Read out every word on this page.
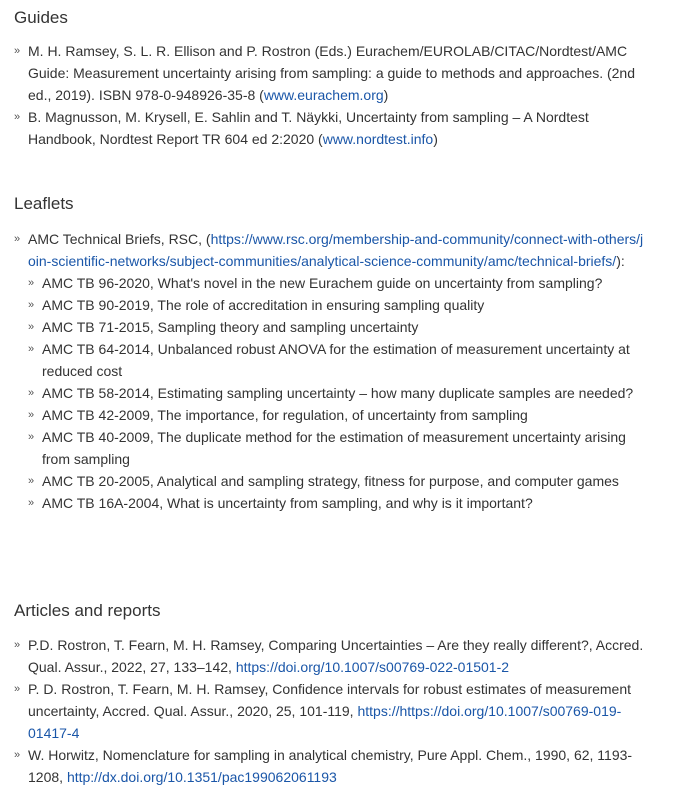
Guides
» M. H. Ramsey, S. L. R. Ellison and P. Rostron (Eds.) Eurachem/EUROLAB/CITAC/Nordtest/AMC Guide: Measurement uncertainty arising from sampling: a guide to methods and approaches. (2nd ed., 2019). ISBN 978-0-948926-35-8 (www.eurachem.org)
» B. Magnusson, M. Krysell, E. Sahlin and T. Näykki, Uncertainty from sampling – A Nordtest Handbook, Nordtest Report TR 604 ed 2:2020 (www.nordtest.info)
Leaflets
» AMC Technical Briefs, RSC, (https://www.rsc.org/membership-and-community/connect-with-others/join-scientific-networks/subject-communities/analytical-science-community/amc/technical-briefs/):
» AMC TB 96-2020, What's novel in the new Eurachem guide on uncertainty from sampling?
» AMC TB 90-2019, The role of accreditation in ensuring sampling quality
» AMC TB 71-2015, Sampling theory and sampling uncertainty
» AMC TB 64-2014, Unbalanced robust ANOVA for the estimation of measurement uncertainty at reduced cost
» AMC TB 58-2014, Estimating sampling uncertainty – how many duplicate samples are needed?
» AMC TB 42-2009, The importance, for regulation, of uncertainty from sampling
» AMC TB 40-2009, The duplicate method for the estimation of measurement uncertainty arising from sampling
» AMC TB 20-2005, Analytical and sampling strategy, fitness for purpose, and computer games
» AMC TB 16A-2004, What is uncertainty from sampling, and why is it important?
Articles and reports
» P.D. Rostron, T. Fearn, M. H. Ramsey, Comparing Uncertainties – Are they really different?, Accred. Qual. Assur., 2022, 27, 133–142, https://doi.org/10.1007/s00769-022-01501-2
» P. D. Rostron, T. Fearn, M. H. Ramsey, Confidence intervals for robust estimates of measurement uncertainty, Accred. Qual. Assur., 2020, 25, 101-119, https://https://doi.org/10.1007/s00769-019-01417-4
» W. Horwitz, Nomenclature for sampling in analytical chemistry, Pure Appl. Chem., 1990, 62, 1193-1208, http://dx.doi.org/10.1351/pac199062061193
